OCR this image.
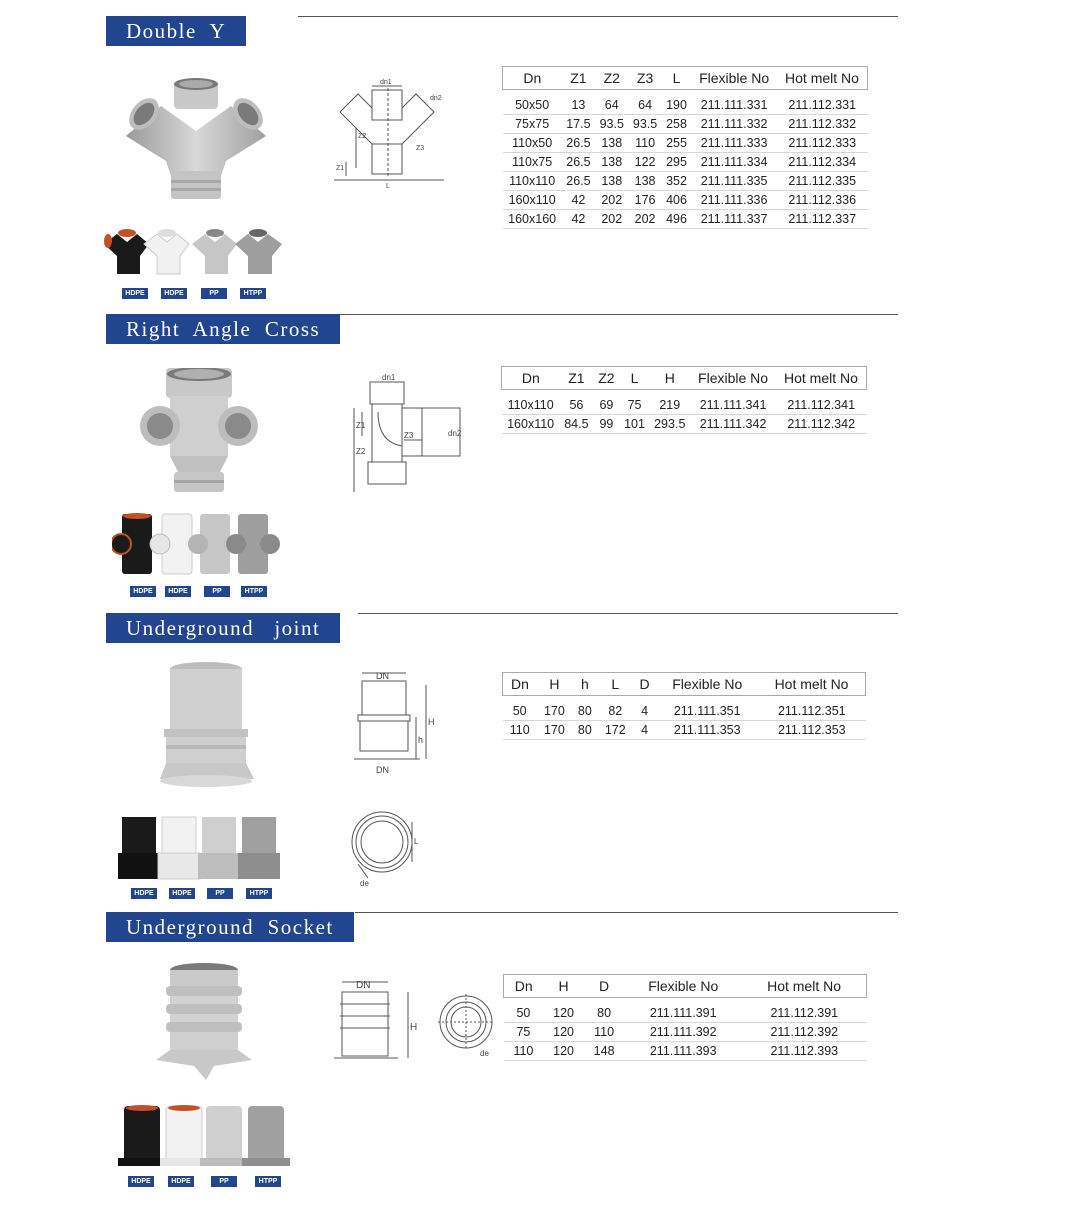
Double  Y
HDPE	HDPE	PP	HTPP
dn1
dn2
Z2
Z3
Z1
L
Dn	Z1	Z2	Z3	L	Flexible No	Hot melt No
50x50	13	64	64	190	211.111.331	211.112.331
75x75	17.5	93.5	93.5	258	211.111.332	211.112.332
110x50	26.5	138	110	255	211.111.333	211.112.333
110x75	26.5	138	122	295	211.111.334	211.112.334
110x110	26.5	138	138	352	211.111.335	211.112.335
160x110	42	202	176	406	211.111.336	211.112.336
160x160	42	202	202	496	211.111.337	211.112.337
Right  Angle  Cross
HDPE	HDPE	PP	HTPP
dn1
Z1
Z2
Z3	dn2
Dn	Z1	Z2	L	H	Flexible No	Hot melt No
110x110	56	69	75	219	211.111.341	211.112.341
160x110	84.5	99	101	293.5	211.111.342	211.112.342
Underground   joint
HDPE	HDPE	PP	HTPP
DN
H
h
DN
L
de
Dn	H	h	L	D	Flexible No	Hot melt No
50	170	80	82	4	211.111.351	211.112.351
110	170	80	172	4	211.111.353	211.112.353
Underground  Socket
HDPE	HDPE	PP	HTPP
DN
H
de
Dn	H	D	Flexible No	Hot melt No
50	120	80	211.111.391	211.112.391
75	120	110	211.111.392	211.112.392
110	120	148	211.111.393	211.112.393
